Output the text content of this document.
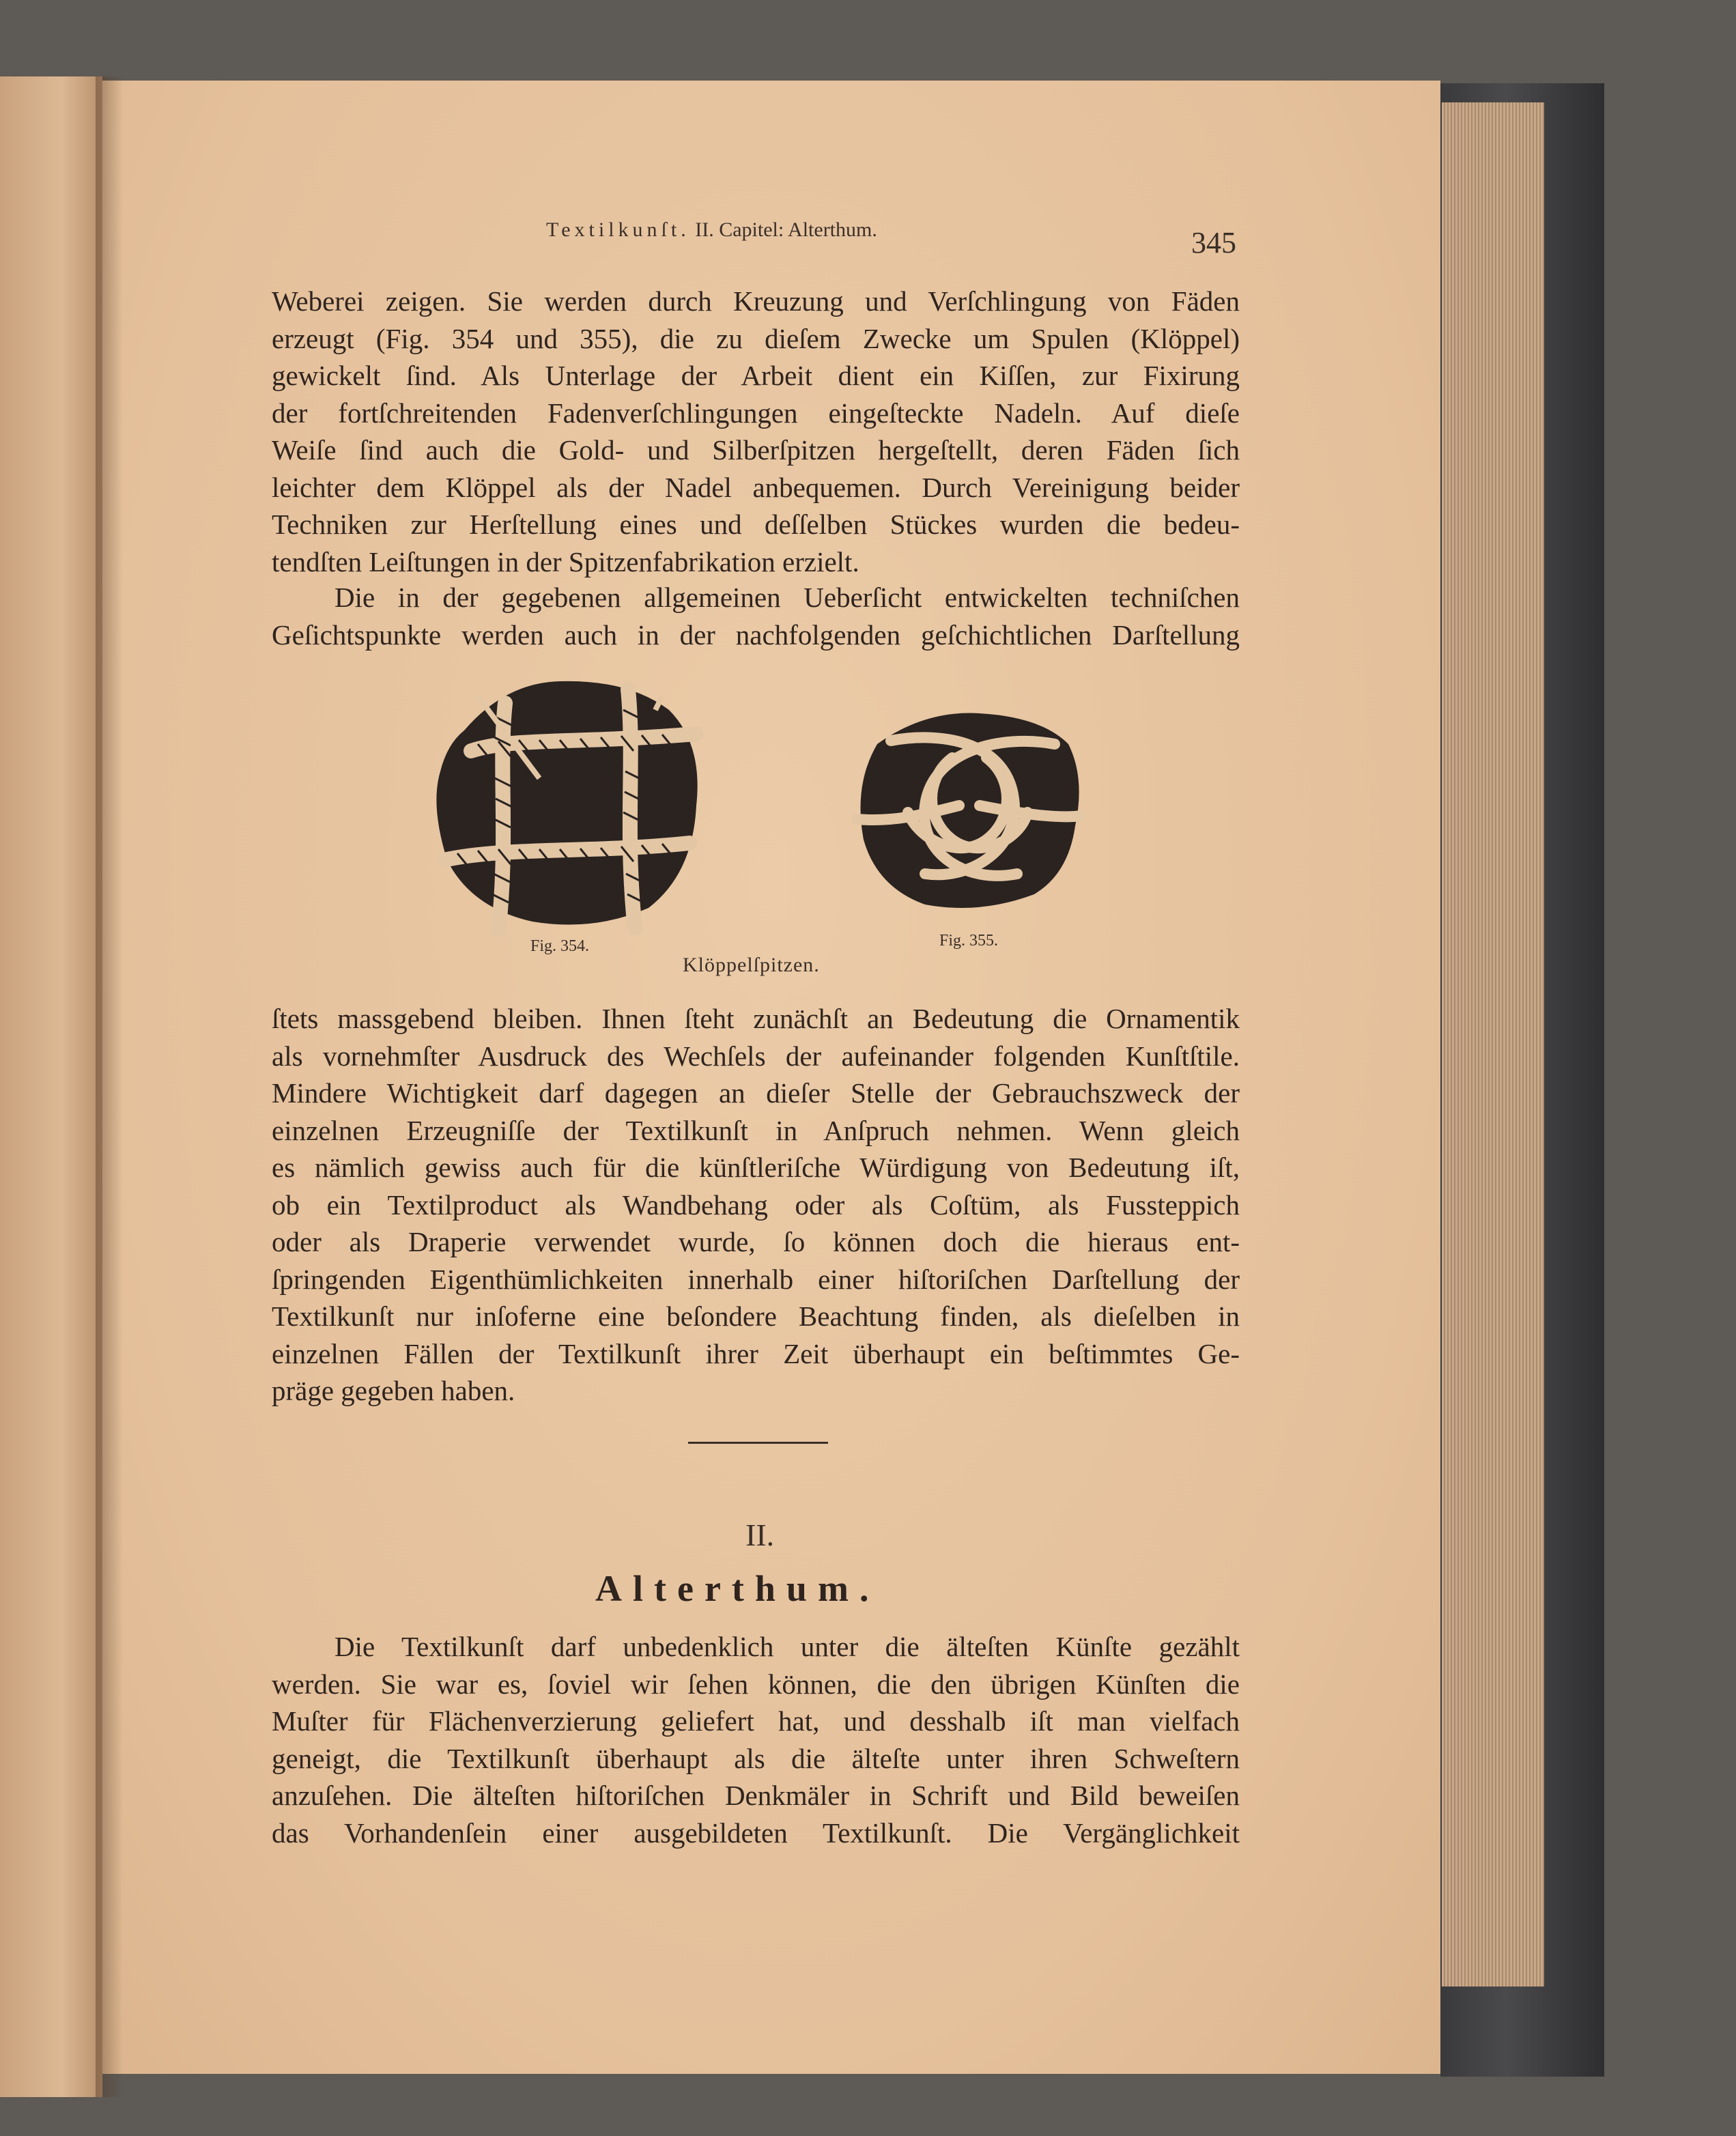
Textilkunſt. II. Capitel: Alterthum.	345
Weberei zeigen. Sie werden durch Kreuzung und Verſchlingung von Fäden
erzeugt (Fig. 354 und 355), die zu dieſem Zwecke um Spulen (Klöppel)
gewickelt ſind. Als Unterlage der Arbeit dient ein Kiſſen, zur Fixirung
der fortſchreitenden Fadenverſchlingungen eingeſteckte Nadeln. Auf dieſe
Weiſe ſind auch die Gold- und Silberſpitzen hergeſtellt, deren Fäden ſich
leichter dem Klöppel als der Nadel anbequemen. Durch Vereinigung beider
Techniken zur Herſtellung eines und deſſelben Stückes wurden die bedeu-
tendſten Leiſtungen in der Spitzenfabrikation erzielt.
Die in der gegebenen allgemeinen Ueberſicht entwickelten techniſchen
Geſichtspunkte werden auch in der nachfolgenden geſchichtlichen Darſtellung
Fig. 354.	Fig. 355.
Klöppelſpitzen.
ſtets massgebend bleiben. Ihnen ſteht zunächſt an Bedeutung die Ornamentik
als vornehmſter Ausdruck des Wechſels der aufeinander folgenden Kunſtſtile.
Mindere Wichtigkeit darf dagegen an dieſer Stelle der Gebrauchszweck der
einzelnen Erzeugniſſe der Textilkunſt in Anſpruch nehmen. Wenn gleich
es nämlich gewiss auch für die künſtleriſche Würdigung von Bedeutung iſt,
ob ein Textilproduct als Wandbehang oder als Coſtüm, als Fussteppich
oder als Draperie verwendet wurde, ſo können doch die hieraus ent-
ſpringenden Eigenthümlichkeiten innerhalb einer hiſtoriſchen Darſtellung der
Textilkunſt nur inſoferne eine beſondere Beachtung finden, als dieſelben in
einzelnen Fällen der Textilkunſt ihrer Zeit überhaupt ein beſtimmtes Ge-
präge gegeben haben.
II.
Alterthum.
Die Textilkunſt darf unbedenklich unter die älteſten Künſte gezählt
werden. Sie war es, ſoviel wir ſehen können, die den übrigen Künſten die
Muſter für Flächenverzierung geliefert hat, und desshalb iſt man vielfach
geneigt, die Textilkunſt überhaupt als die älteſte unter ihren Schweſtern
anzuſehen. Die älteſten hiſtoriſchen Denkmäler in Schrift und Bild beweiſen
das Vorhandenſein einer ausgebildeten Textilkunſt. Die Vergänglichkeit
